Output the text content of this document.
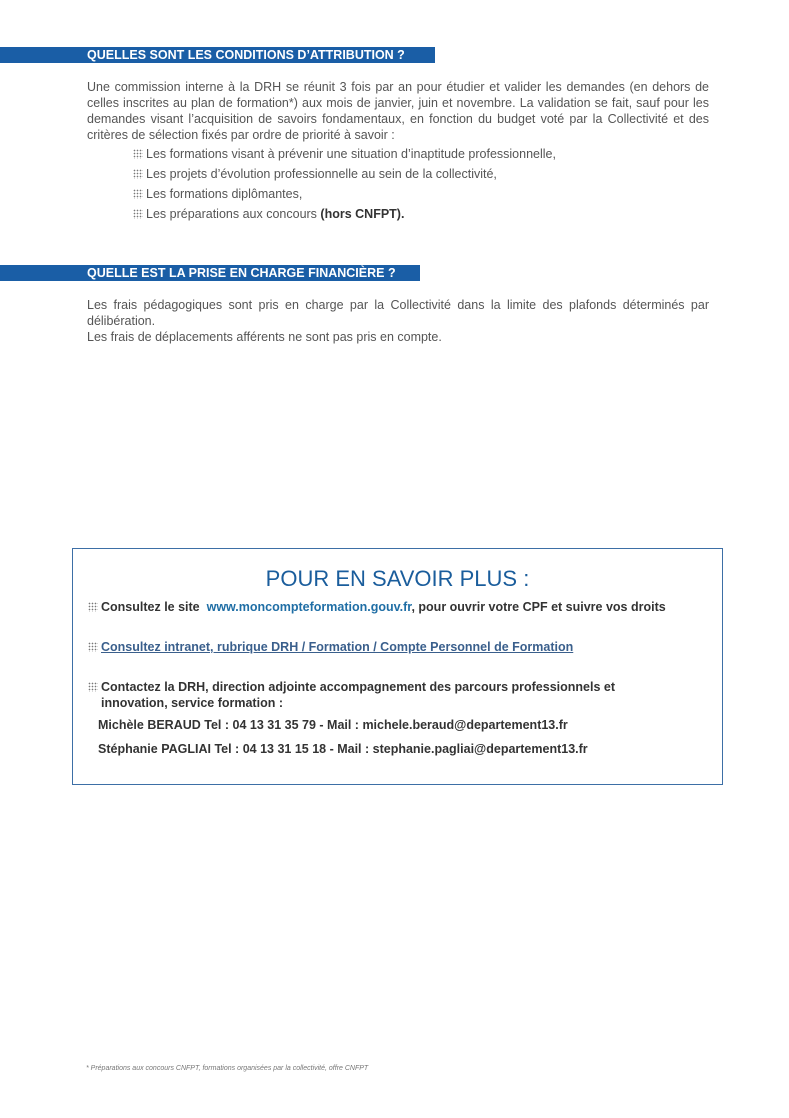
QUELLES SONT LES CONDITIONS D’ATTRIBUTION ?

Une commission interne à la DRH se réunit 3 fois par an pour étudier et valider les demandes (en dehors de celles inscrites au plan de formation*) aux mois de janvier, juin et novembre. La validation se fait, sauf pour les demandes visant l’acquisition de savoirs fondamentaux, en fonction du budget voté par la Collectivité et des critères de sélection fixés par ordre de priorité à savoir :

Les formations visant à prévenir une situation d’inaptitude professionnelle,
Les projets d’évolution professionnelle au sein de la collectivité,
Les formations diplômantes,
Les préparations aux concours (hors CNFPT).
QUELLE EST LA PRISE EN CHARGE FINANCIÈRE ?

Les frais pédagogiques sont pris en charge par la Collectivité dans la limite des plafonds déterminés par délibération.

Les frais de déplacements afférents ne sont pas pris en compte.

POUR EN SAVOIR PLUS :
Consultez le site  www.moncompteformation.gouv.fr, pour ouvrir votre CPF et suivre vos droits
Consultez intranet, rubrique DRH / Formation / Compte Personnel de Formation
Contactez la DRH, direction adjointe accompagnement des parcours professionnels et
innovation, service formation :
Michèle BERAUD Tel : 04 13 31 35 79 - Mail : michele.beraud@departement13.fr
Stéphanie PAGLIAI Tel : 04 13 31 15 18 - Mail : stephanie.pagliai@departement13.fr
* Préparations aux concours CNFPT, formations organisées par la collectivité, offre CNFPT
